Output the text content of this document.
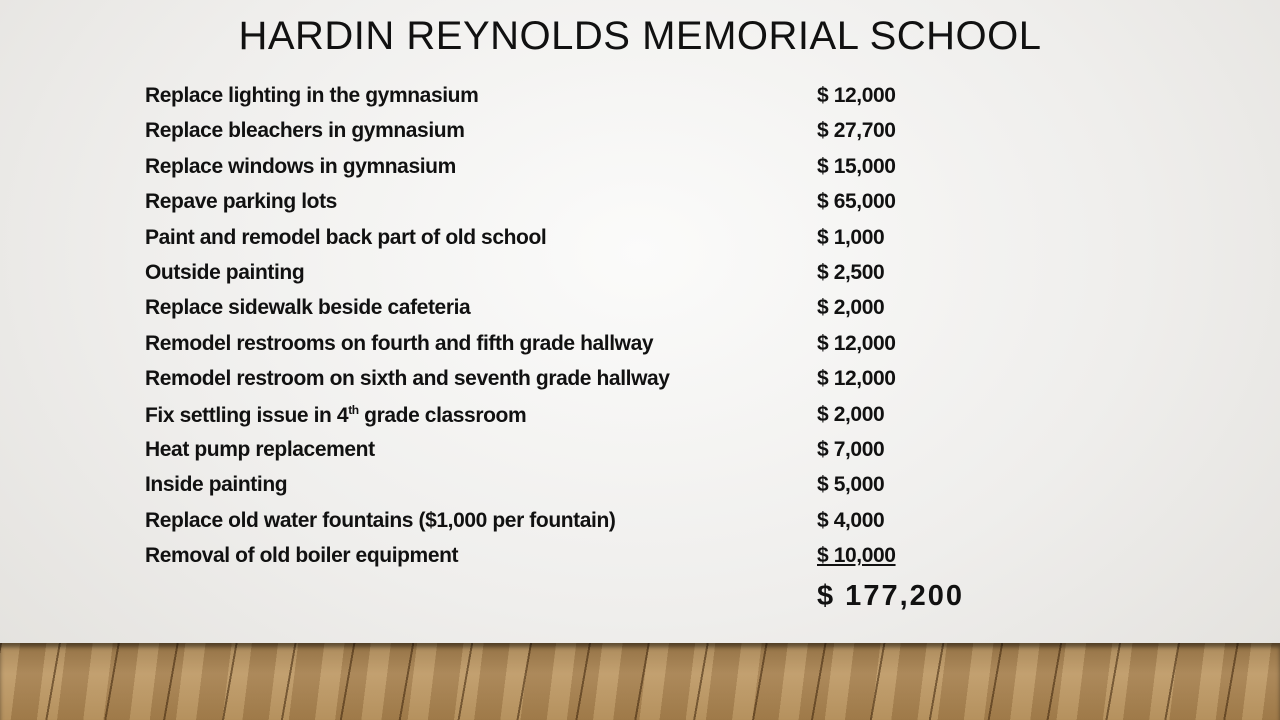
HARDIN REYNOLDS MEMORIAL SCHOOL
Replace lighting in the gymnasium	$ 12,000
Replace bleachers in gymnasium	$ 27,700
Replace windows in gymnasium	$ 15,000
Repave parking lots	$ 65,000
Paint and remodel back part of old school	$ 1,000
Outside painting	$ 2,500
Replace sidewalk beside cafeteria	$ 2,000
Remodel restrooms on fourth and fifth grade hallway	$ 12,000
Remodel restroom on sixth and seventh grade hallway	$ 12,000
Fix settling issue in 4th grade classroom	$ 2,000
Heat pump replacement	$ 7,000
Inside painting	$ 5,000
Replace old water fountains ($1,000 per fountain)	$ 4,000
Removal of old boiler equipment	$ 10,000
$ 177,200
